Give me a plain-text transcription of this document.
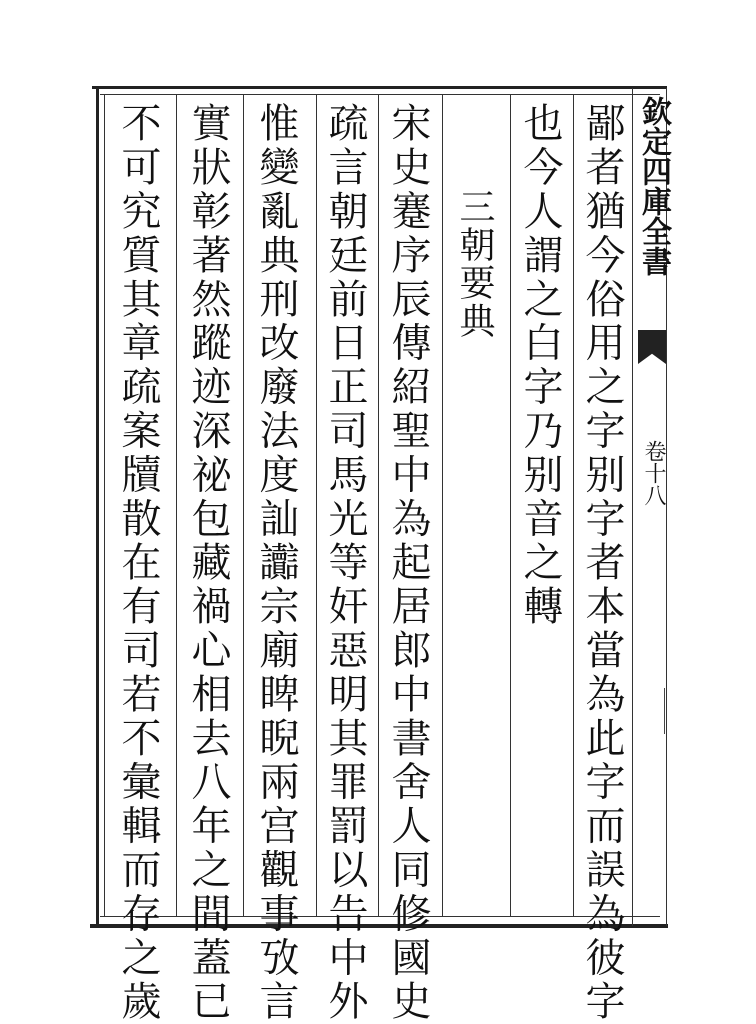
欽定四庫全書
卷十八
鄙者猶今俗用之字别字者本當為此字而誤為彼字
也今人謂之白字乃别音之轉
三朝要典
宋史蹇序辰傳紹聖中為起居郎中書舍人同修國史
疏言朝廷前日正司馬光等奸惡明其罪罰以告中外
惟變亂典刑改廢法度訕讟宗廟睥睨兩宫觀事攷言
實狀彰著然蹤迹深祕包藏禍心相去八年之間蓋已
不可究質其章疏案牘散在有司若不彙輯而存之歲
